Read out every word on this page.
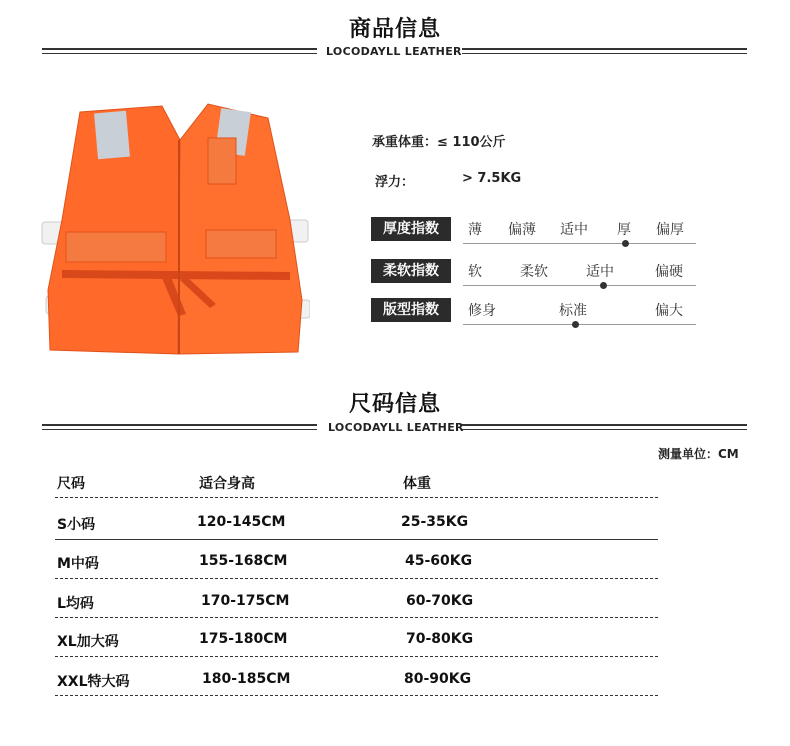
商品信息
LOCODAYLL LEATHER
承重体重：≤ 110公斤
浮力：	> 7.5KG
厚度指数	薄 偏薄 适中 厚 偏厚
柔软指数	软	柔软	适中	偏硬
版型指数	修身	标准	偏大
尺码信息
LOCODAYLL LEATHER
测量单位：CM
尺码	适合身高	体重
S小码	120-145CM	25-35KG
M中码	155-168CM	45-60KG
L均码	170-175CM	60-70KG
XL加大码	175-180CM	70-80KG
XXL特大码	180-185CM	80-90KG
